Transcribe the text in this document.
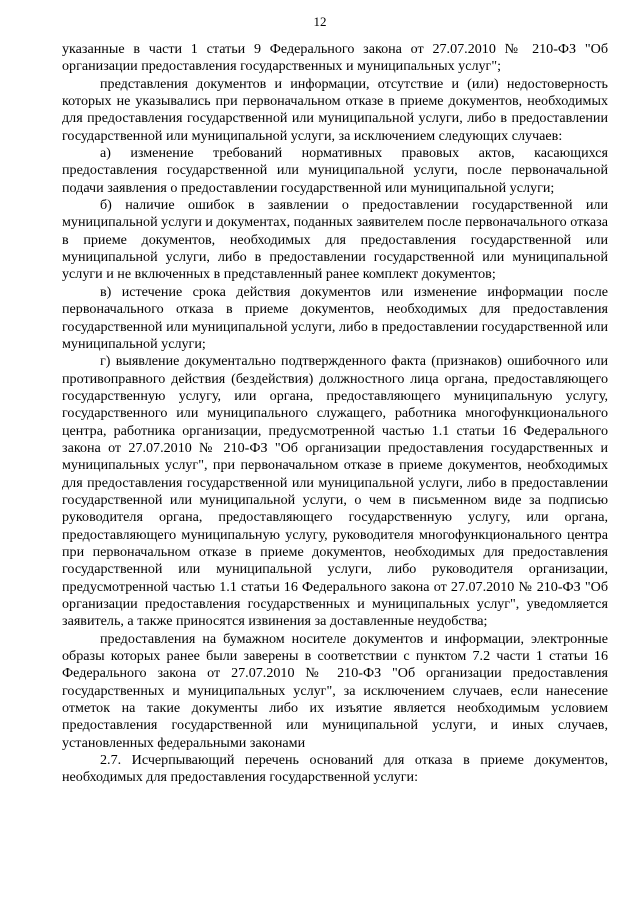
12

указанные в части 1 статьи 9 Федерального закона от 27.07.2010 № 210-ФЗ "Об организации предоставления государственных и муниципальных услуг";

представления документов и информации, отсутствие и (или) недостоверность которых не указывались при первоначальном отказе в приеме документов, необходимых для предоставления государственной или муниципальной услуги, либо в предоставлении государственной или муниципальной услуги, за исключением следующих случаев:

а) изменение требований нормативных правовых актов, касающихся предоставления государственной или муниципальной услуги, после первоначальной подачи заявления о предоставлении государственной или муниципальной услуги;

б) наличие ошибок в заявлении о предоставлении государственной или муниципальной услуги и документах, поданных заявителем после первоначального отказа в приеме документов, необходимых для предоставления государственной или муниципальной услуги, либо в предоставлении государственной или муниципальной услуги и не включенных в представленный ранее комплект документов;

в) истечение срока действия документов или изменение информации после первоначального отказа в приеме документов, необходимых для предоставления государственной или муниципальной услуги, либо в предоставлении государственной или муниципальной услуги;

г) выявление документально подтвержденного факта (признаков) ошибочного или противоправного действия (бездействия) должностного лица органа, предоставляющего государственную услугу, или органа, предоставляющего муниципальную услугу, государственного или муниципального служащего, работника многофункционального центра, работника организации, предусмотренной частью 1.1 статьи 16 Федерального закона от 27.07.2010 № 210-ФЗ "Об организации предоставления государственных и муниципальных услуг", при первоначальном отказе в приеме документов, необходимых для предоставления государственной или муниципальной услуги, либо в предоставлении государственной или муниципальной услуги, о чем в письменном виде за подписью руководителя органа, предоставляющего государственную услугу, или органа, предоставляющего муниципальную услугу, руководителя многофункционального центра при первоначальном отказе в приеме документов, необходимых для предоставления государственной или муниципальной услуги, либо руководителя организации, предусмотренной частью 1.1 статьи 16 Федерального закона от 27.07.2010 № 210-ФЗ "Об организации предоставления государственных и муниципальных услуг", уведомляется заявитель, а также приносятся извинения за доставленные неудобства;

предоставления на бумажном носителе документов и информации, электронные образы которых ранее были заверены в соответствии с пунктом 7.2 части 1 статьи 16 Федерального закона от 27.07.2010 № 210-ФЗ "Об организации предоставления государственных и муниципальных услуг", за исключением случаев, если нанесение отметок на такие документы либо их изъятие является необходимым условием предоставления государственной или муниципальной услуги, и иных случаев, установленных федеральными законами

2.7. Исчерпывающий перечень оснований для отказа в приеме документов, необходимых для предоставления государственной услуги:
